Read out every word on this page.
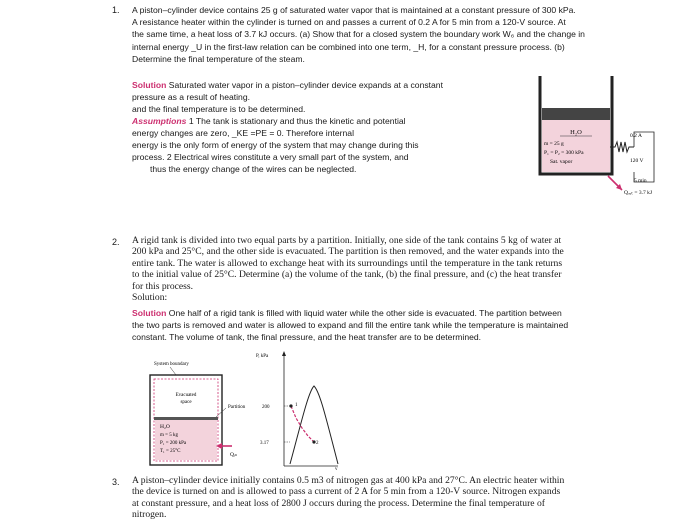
1. A piston–cylinder device contains 25 g of saturated water vapor that is maintained at a constant pressure of 300 kPa.
A resistance heater within the cylinder is turned on and passes a current of 0.2 A for 5 min from a 120-V source. At
the same time, a heat loss of 3.7 kJ occurs. (a) Show that for a closed system the boundary work W₆ and the change in
internal energy _U in the first-law relation can be combined into one term, _H, for a constant pressure process. (b)
Determine the final temperature of the steam.
Solution Saturated water vapor in a piston–cylinder device expands at a constant
pressure as a result of heating.
and the final temperature is to be determined.
Assumptions 1 The tank is stationary and thus the kinetic and potential
energy changes are zero, _KE =PE = 0. Therefore internal
energy is the only form of energy of the system that may change during this
process. 2 Electrical wires constitute a very small part of the system, and
thus the energy change of the wires can be neglected.
H₂O
m = 25 g
P₁ = P₂ = 300 kPa
Sat. vapor
0.2 A
120 V
5 min
Qₒᵤₜ = 3.7 kJ
2. A rigid tank is divided into two equal parts by a partition. Initially, one side of the tank contains 5 kg of water at
200 kPa and 25°C, and the other side is evacuated. The partition is then removed, and the water expands into the
entire tank. The water is allowed to exchange heat with its surroundings until the temperature in the tank returns
to the initial value of 25°C. Determine (a) the volume of the tank, (b) the final pressure, and (c) the heat transfer
for this process.
Solution:
Solution One half of a rigid tank is filled with liquid water while the other side is evacuated. The partition between
the two parts is removed and water is allowed to expand and fill the entire tank while the temperature is maintained
constant. The volume of tank, the final pressure, and the heat transfer are to be determined.
System boundary
Evacuated
space
Partition
H₂O
m = 5 kg
P₁ = 200 kPa
T₁ = 25°C
Qᵢₙ
P, kPa
v
200
3.17
1
2
3. A piston–cylinder device initially contains 0.5 m3 of nitrogen gas at 400 kPa and 27°C. An electric heater within
the device is turned on and is allowed to pass a current of 2 A for 5 min from a 120-V source. Nitrogen expands
at constant pressure, and a heat loss of 2800 J occurs during the process. Determine the final temperature of
nitrogen.
